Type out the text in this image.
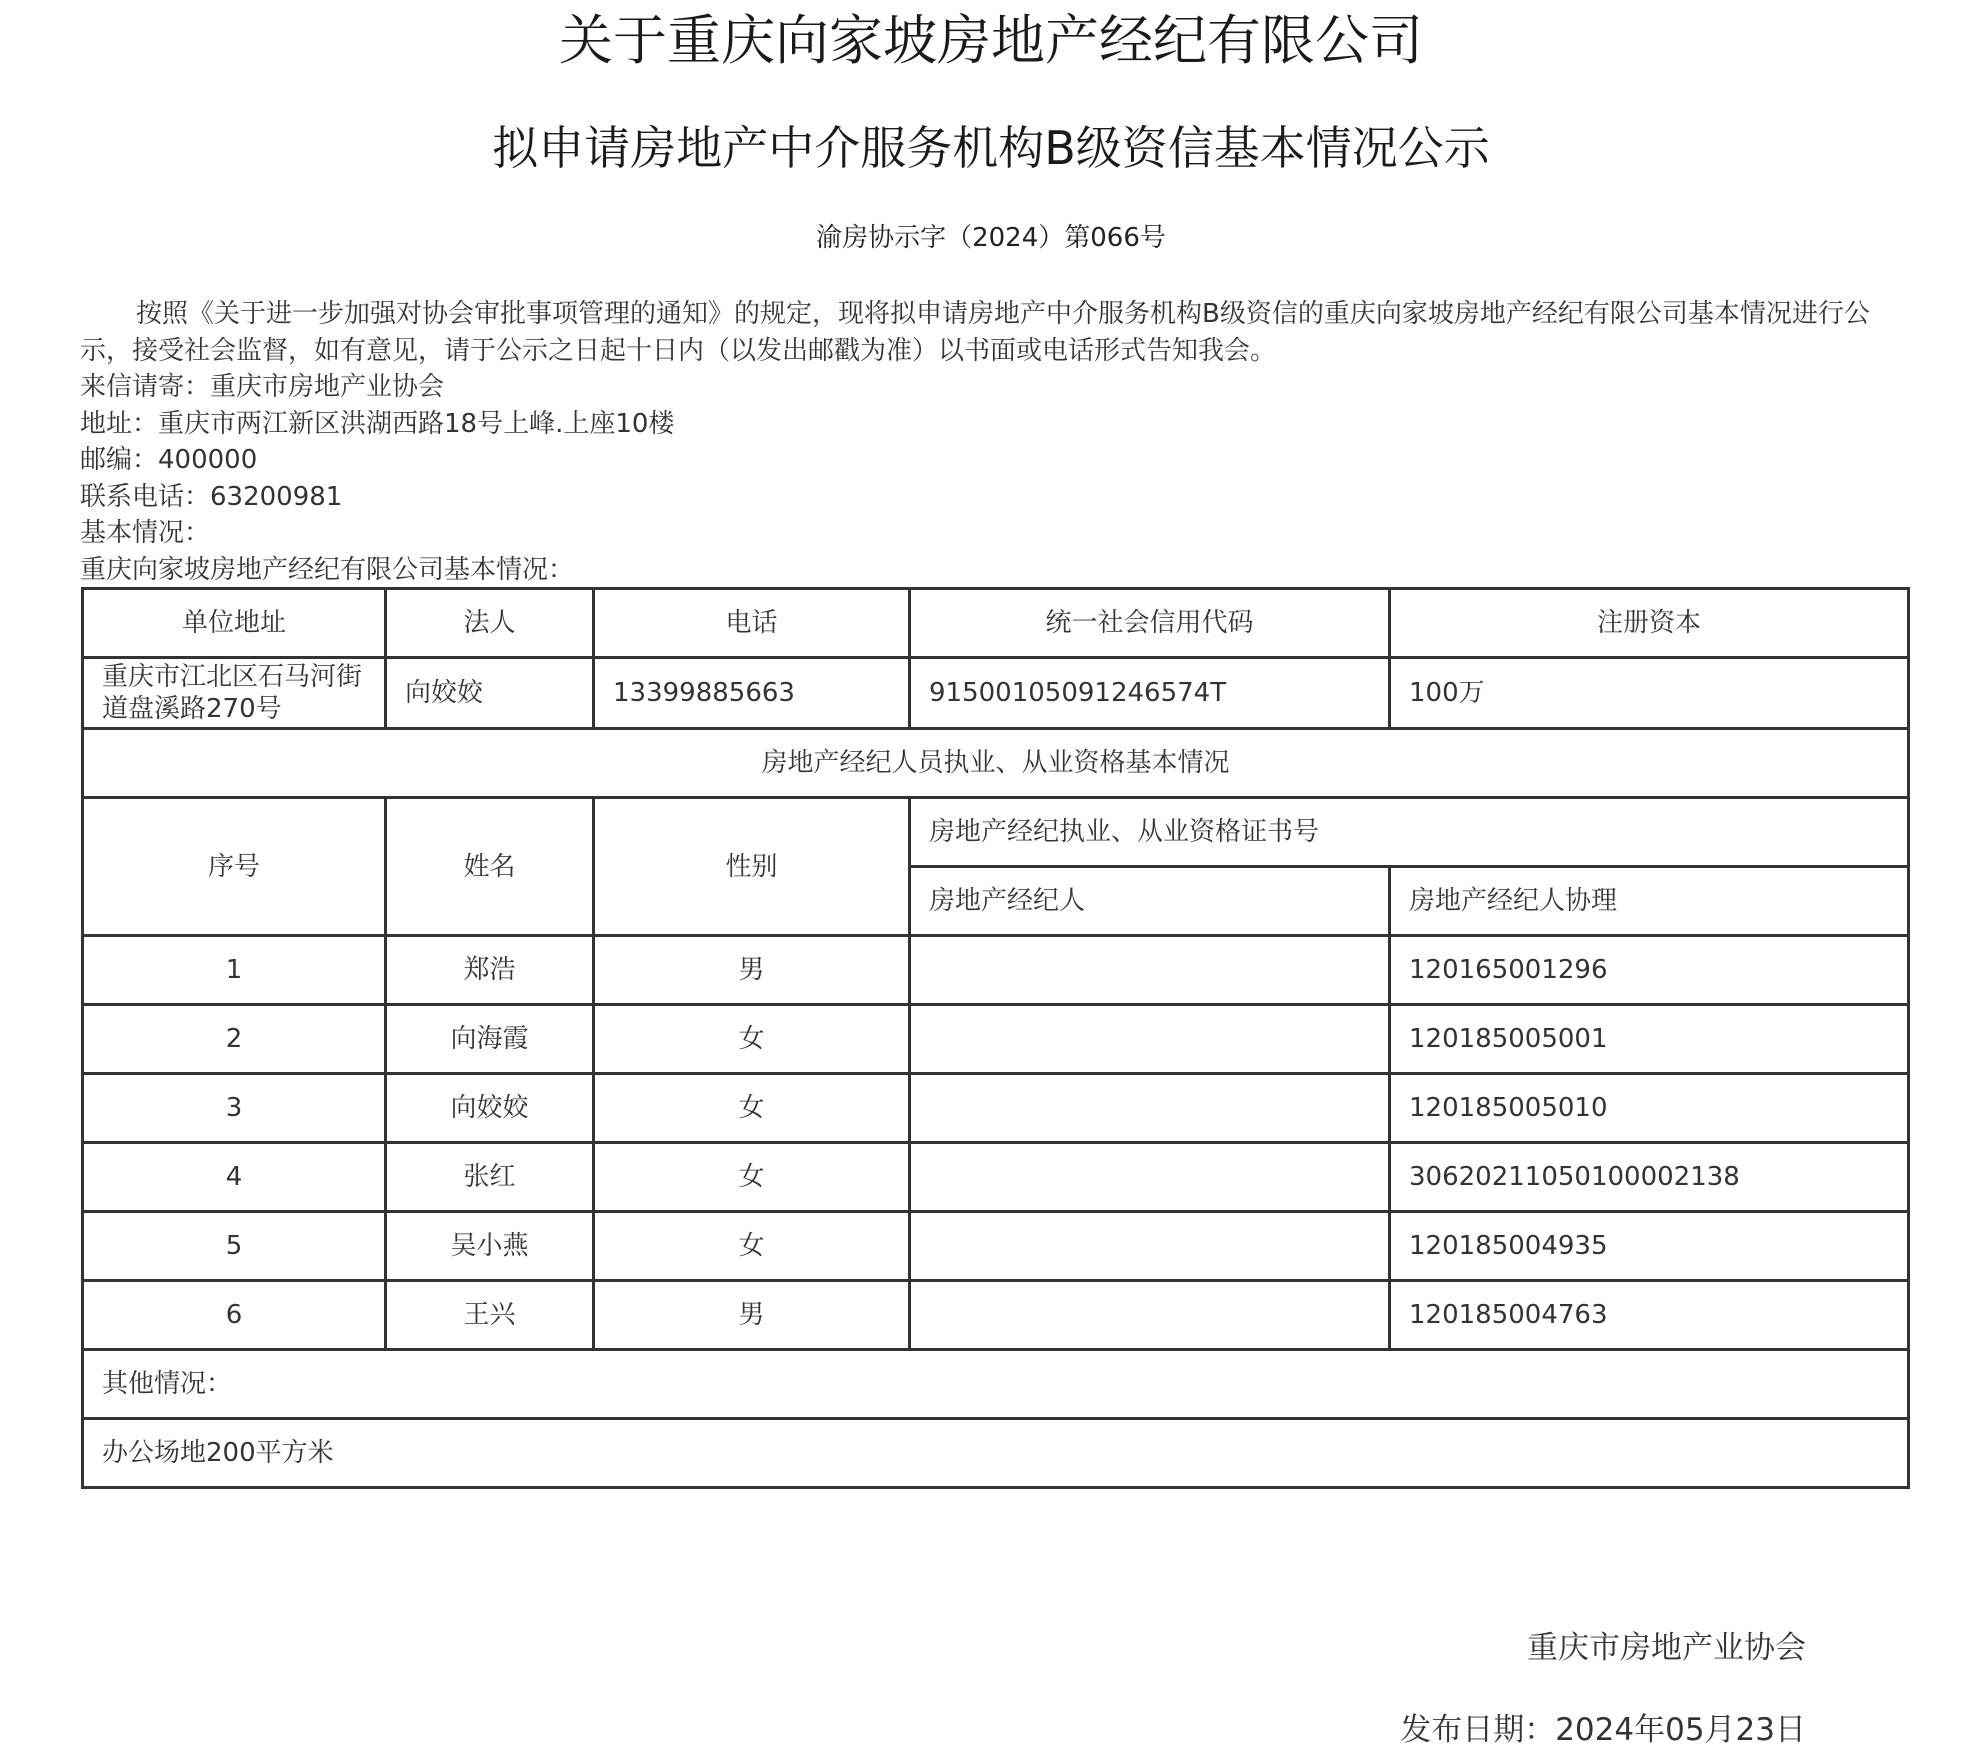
关于重庆向家坡房地产经纪有限公司
拟申请房地产中介服务机构B级资信基本情况公示
渝房协示字（2024）第066号

按照《关于进一步加强对协会审批事项管理的通知》的规定，现将拟申请房地产中介服务机构B级资信的重庆向家坡房地产经纪有限公司基本情况进行公示，接受社会监督，如有意见，请于公示之日起十日内（以发出邮戳为准）以书面或电话形式告知我会。

来信请寄：重庆市房地产业协会

地址：重庆市两江新区洪湖西路18号上峰.上座10楼

邮编：400000

联系电话：63200981

基本情况：

重庆向家坡房地产经纪有限公司基本情况：

单位地址	法人	电话	统一社会信用代码	注册资本
重庆市江北区石马河街道盘溪路270号	向姣姣	13399885663	91500105091246574T	100万
房地产经纪人员执业、从业资格基本情况				
序号	姓名	性别	房地产经纪执业、从业资格证书号	
			房地产经纪人	房地产经纪人协理
1	郑浩	男		120165001296
2	向海霞	女		120185005001
3	向姣姣	女		120185005010
4	张红	女		30620211050100002138
5	吴小燕	女		120185004935
6	王兴	男		120185004763
其他情况：				
办公场地200平方米				
重庆市房地产业协会
发布日期：2024年05月23日
